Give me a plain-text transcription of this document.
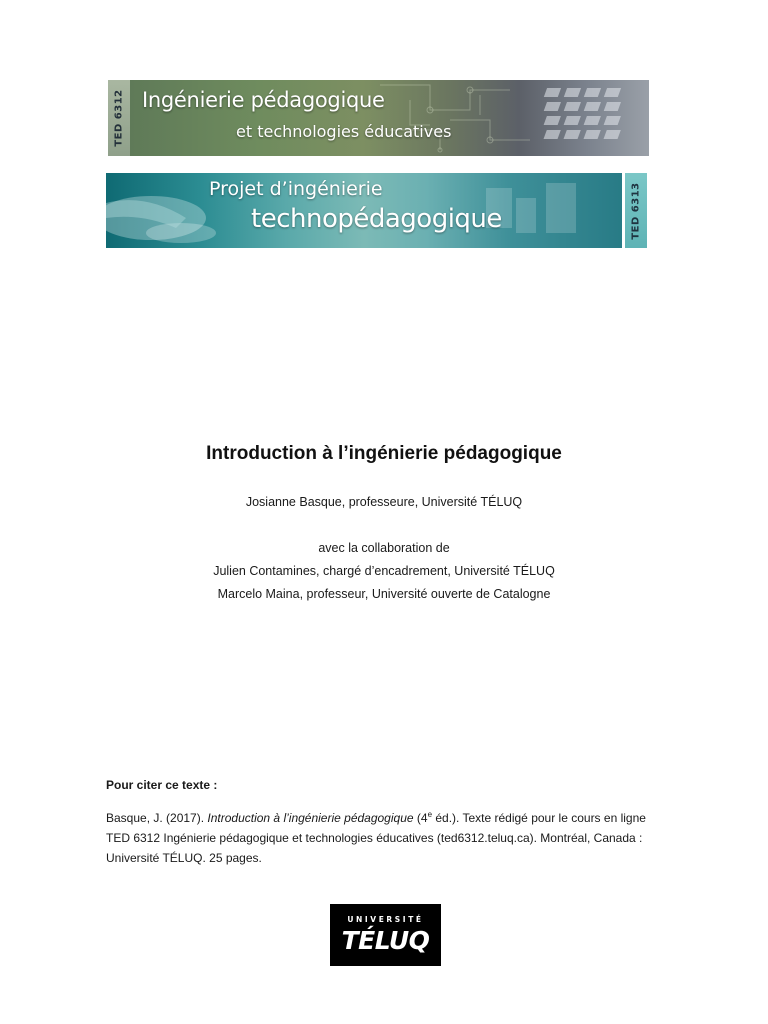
TED 6312 Ingénierie pédagogique
et technologies éducatives
Projet d’ingénierie
technopédagogique	TED 6313
Introduction à l’ingénierie pédagogique
Josianne Basque, professeure, Université TÉLUQ
avec la collaboration de
Julien Contamines, chargé d’encadrement, Université TÉLUQ
Marcelo Maina, professeur, Université ouverte de Catalogne
Pour citer ce texte :

Basque, J. (2017). Introduction à l’ingénierie pédagogique (4e éd.). Texte rédigé pour le cours en ligne TED 6312 Ingénierie pédagogique et technologies éducatives (ted6312.teluq.ca). Montréal, Canada : Université TÉLUQ. 25 pages.

UNIVERSITÉ
TÉLUQ
